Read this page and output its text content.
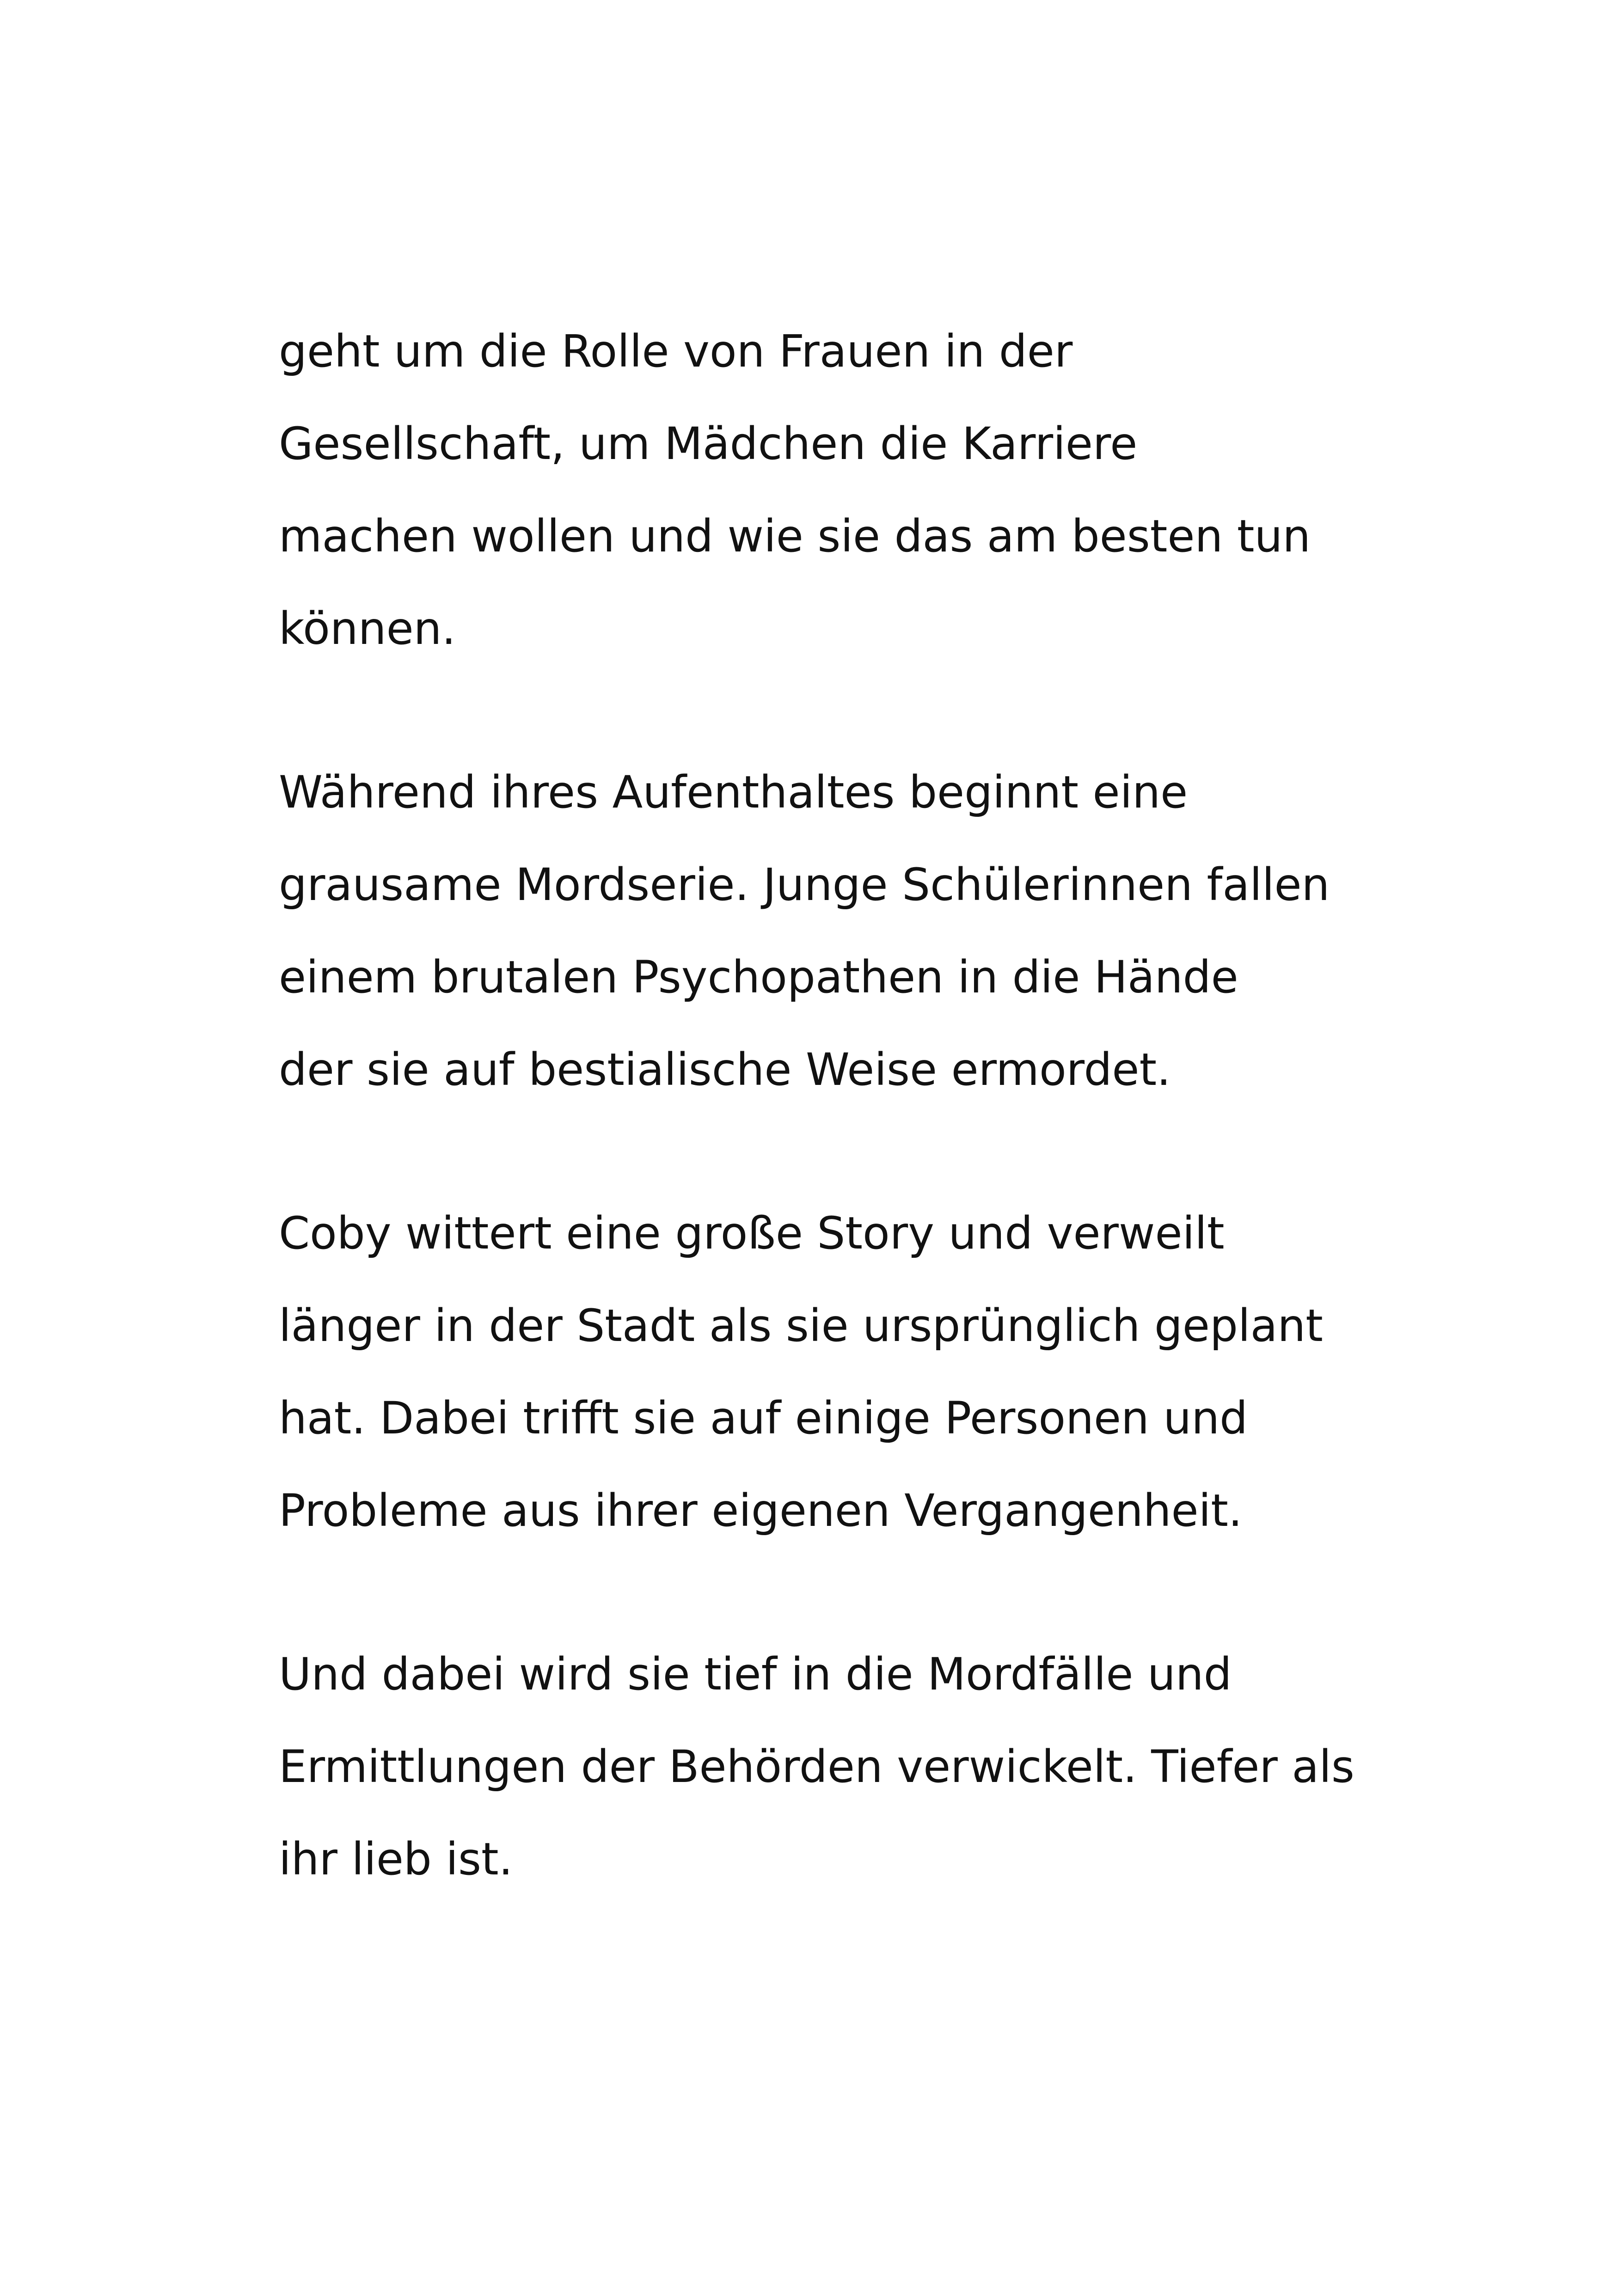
geht um die Rolle von Frauen in der
Gesellschaft, um Mädchen die Karriere
machen wollen und wie sie das am besten tun
können.
Während ihres Aufenthaltes beginnt eine
grausame Mordserie. Junge Schülerinnen fallen
einem brutalen Psychopathen in die Hände
der sie auf bestialische Weise ermordet.
Coby wittert eine große Story und verweilt
länger in der Stadt als sie ursprünglich geplant
hat. Dabei trifft sie auf einige Personen und
Probleme aus ihrer eigenen Vergangenheit.
Und dabei wird sie tief in die Mordfälle und
Ermittlungen der Behörden verwickelt. Tiefer als
ihr lieb ist.
